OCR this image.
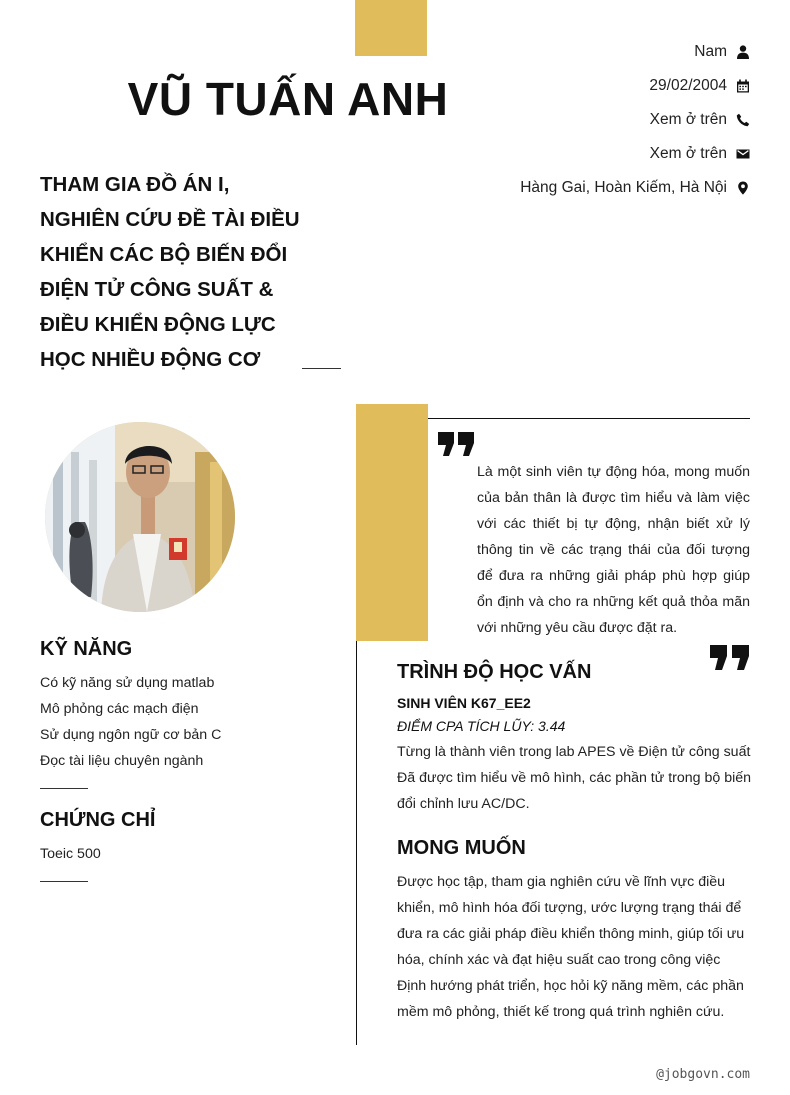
VŨ TUẤN ANH
Nam
29/02/2004
Xem ở trên
Xem ở trên
Hàng Gai, Hoàn Kiếm, Hà Nội
THAM GIA ĐỒ ÁN I,
NGHIÊN CỨU ĐỀ TÀI ĐIỀU
KHIỂN CÁC BỘ BIẾN ĐỔI
ĐIỆN TỬ CÔNG SUẤT &
ĐIỀU KHIỂN ĐỘNG LỰC
HỌC NHIỀU ĐỘNG CƠ

Là một sinh viên tự động hóa, mong muốn của bản thân là được tìm hiểu và làm việc với các thiết bị tự động, nhận biết xử lý thông tin về các trạng thái của đối tượng để đưa ra những giải pháp phù hợp giúp ổn định và cho ra những kết quả thỏa mãn với những yêu cầu được đặt ra.

KỸ NĂNG
Có kỹ năng sử dụng matlab
Mô phỏng các mạch điện
Sử dụng ngôn ngữ cơ bản C
Đọc tài liệu chuyên ngành
CHỨNG CHỈ
Toeic 500
TRÌNH ĐỘ HỌC VẤN
SINH VIÊN K67_EE2
ĐIỂM CPA TÍCH LŨY: 3.44
Từng là thành viên trong lab APES về Điện tử công suất
Đã được tìm hiểu về mô hình, các phần tử trong bộ biến
đổi chỉnh lưu AC/DC.
MONG MUỐN
Được học tập, tham gia nghiên cứu về lĩnh vực điều
khiển, mô hình hóa đối tượng, ước lượng trạng thái để
đưa ra các giải pháp điều khiển thông minh, giúp tối ưu
hóa, chính xác và đạt hiệu suất cao trong công việc
Định hướng phát triển, học hỏi kỹ năng mềm, các phần
mềm mô phỏng, thiết kế trong quá trình nghiên cứu.
@jobgovn.com
